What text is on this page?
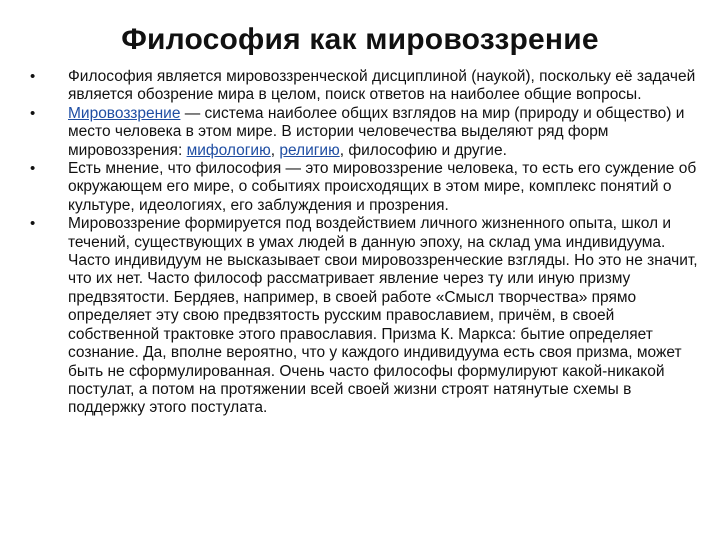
Философия как мировоззрение
• Философия является мировоззренческой дисциплиной (наукой), поскольку её задачей является обозрение мира в целом, поиск ответов на наиболее общие вопросы.
• Мировоззрение — система наиболее общих взглядов на мир (природу и общество) и место человека в этом мире. В истории человечества выделяют ряд форм мировоззрения: мифологию, религию, философию и другие.
• Есть мнение, что философия — это мировоззрение человека, то есть его суждение об окружающем его мире, о событиях происходящих в этом мире, комплекс понятий о культуре, идеологиях, его заблуждения и прозрения.
• Мировоззрение формируется под воздействием личного жизненного опыта, школ и течений, существующих в умах людей в данную эпоху, на склад ума индивидуума. Часто индивидуум не высказывает свои мировоззренческие взгляды. Но это не значит, что их нет. Часто философ рассматривает явление через ту или иную призму предвзятости. Бердяев, например, в своей работе «Смысл творчества» прямо определяет эту свою предвзятость русским православием, причём, в своей собственной трактовке этого православия. Призма К. Маркса: бытие определяет сознание. Да, вполне вероятно, что у каждого индивидуума есть своя призма, может быть не сформулированная. Очень часто философы формулируют какой-никакой постулат, а потом на протяжении всей своей жизни строят натянутые схемы в поддержку этого постулата.
